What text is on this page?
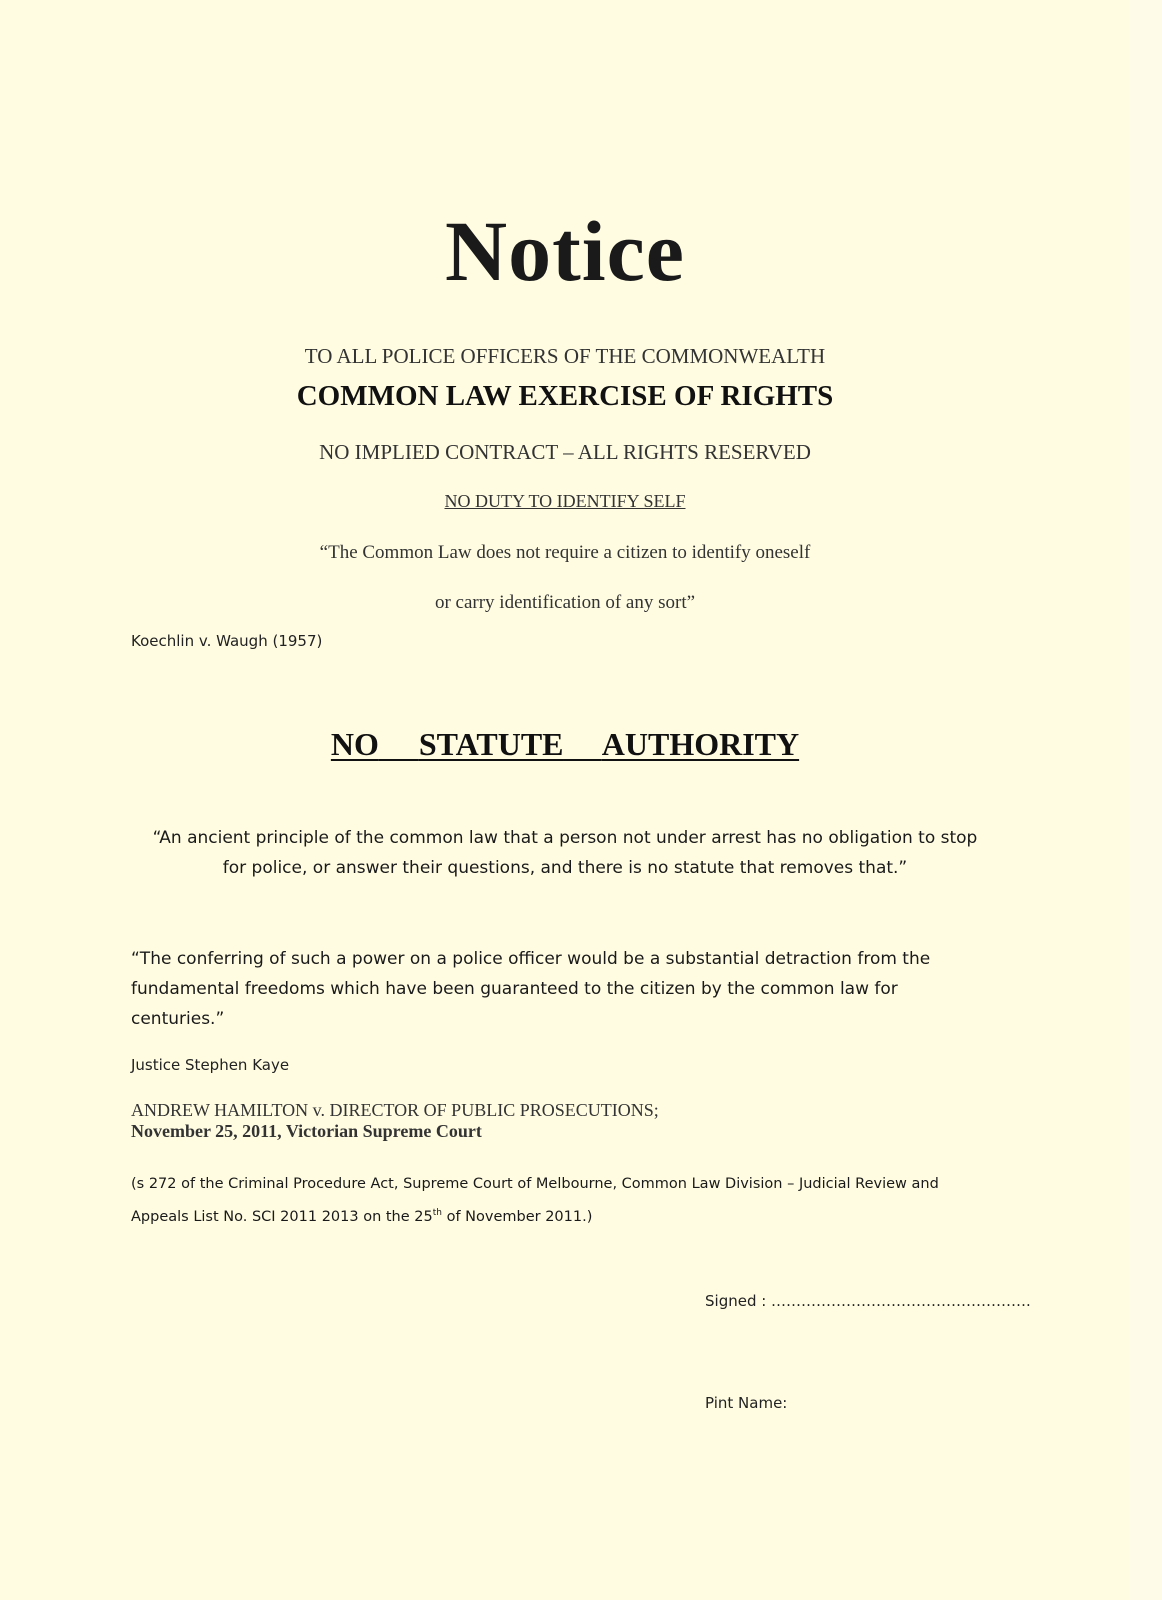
Notice
TO ALL POLICE OFFICERS OF THE COMMONWEALTH
COMMON LAW EXERCISE OF RIGHTS
NO IMPLIED CONTRACT – ALL RIGHTS RESERVED
NO DUTY TO IDENTIFY SELF
“The Common Law does not require a citizen to identify oneself
or carry identification of any sort”
Koechlin v. Waugh (1957)
NO STATUTE AUTHORITY
“An ancient principle of the common law that a person not under arrest has no obligation to stop for police, or answer their questions, and there is no statute that removes that.”
“The conferring of such a power on a police officer would be a substantial detraction from the fundamental freedoms which have been guaranteed to the citizen by the common law for centuries.”
Justice Stephen Kaye
ANDREW HAMILTON v. DIRECTOR OF PUBLIC PROSECUTIONS;
November 25, 2011, Victorian Supreme Court
(s 272 of the Criminal Procedure Act, Supreme Court of Melbourne, Common Law Division – Judicial Review and Appeals List No. SCI 2011 2013 on the 25th of November 2011.)
Signed : …………………………………………….
Pint Name:
